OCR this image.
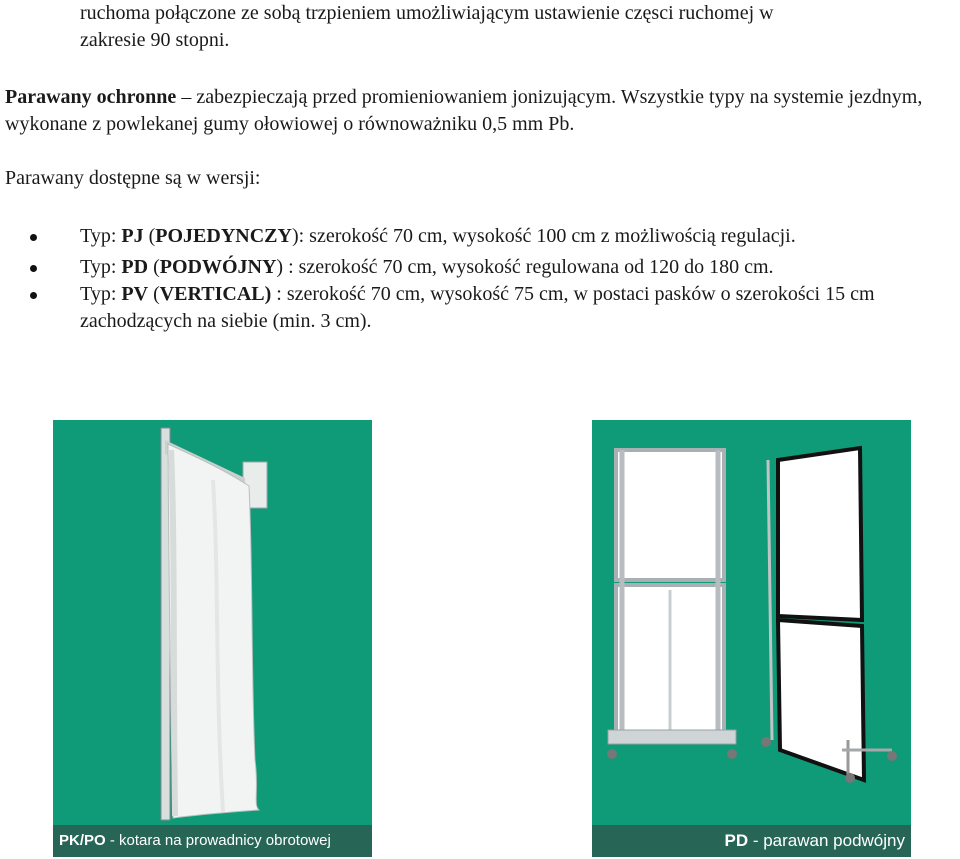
ruchoma połączone ze sobą trzpieniem umożliwiającym ustawienie częsci ruchomej w

zakresie 90 stopni.

Parawany ochronne – zabezpieczają przed promieniowaniem jonizującym. Wszystkie typy na systemie jezdnym, wykonane z powlekanej gumy ołowiowej o równoważniku 0,5 mm Pb.

Parawany dostępne są w wersji:

Typ: PJ (POJEDYNCZY): szerokość 70 cm, wysokość 100 cm z możliwością regulacji.
Typ: PD (PODWÓJNY) : szerokość 70 cm, wysokość regulowana od 120 do 180 cm.
Typ: PV (VERTICAL) : szerokość 70 cm, wysokość 75 cm, w postaci pasków o szerokości 15 cm zachodzących na siebie (min. 3 cm).
PK/PO - kotara na prowadnicy obrotowej	PD - parawan podwójny
